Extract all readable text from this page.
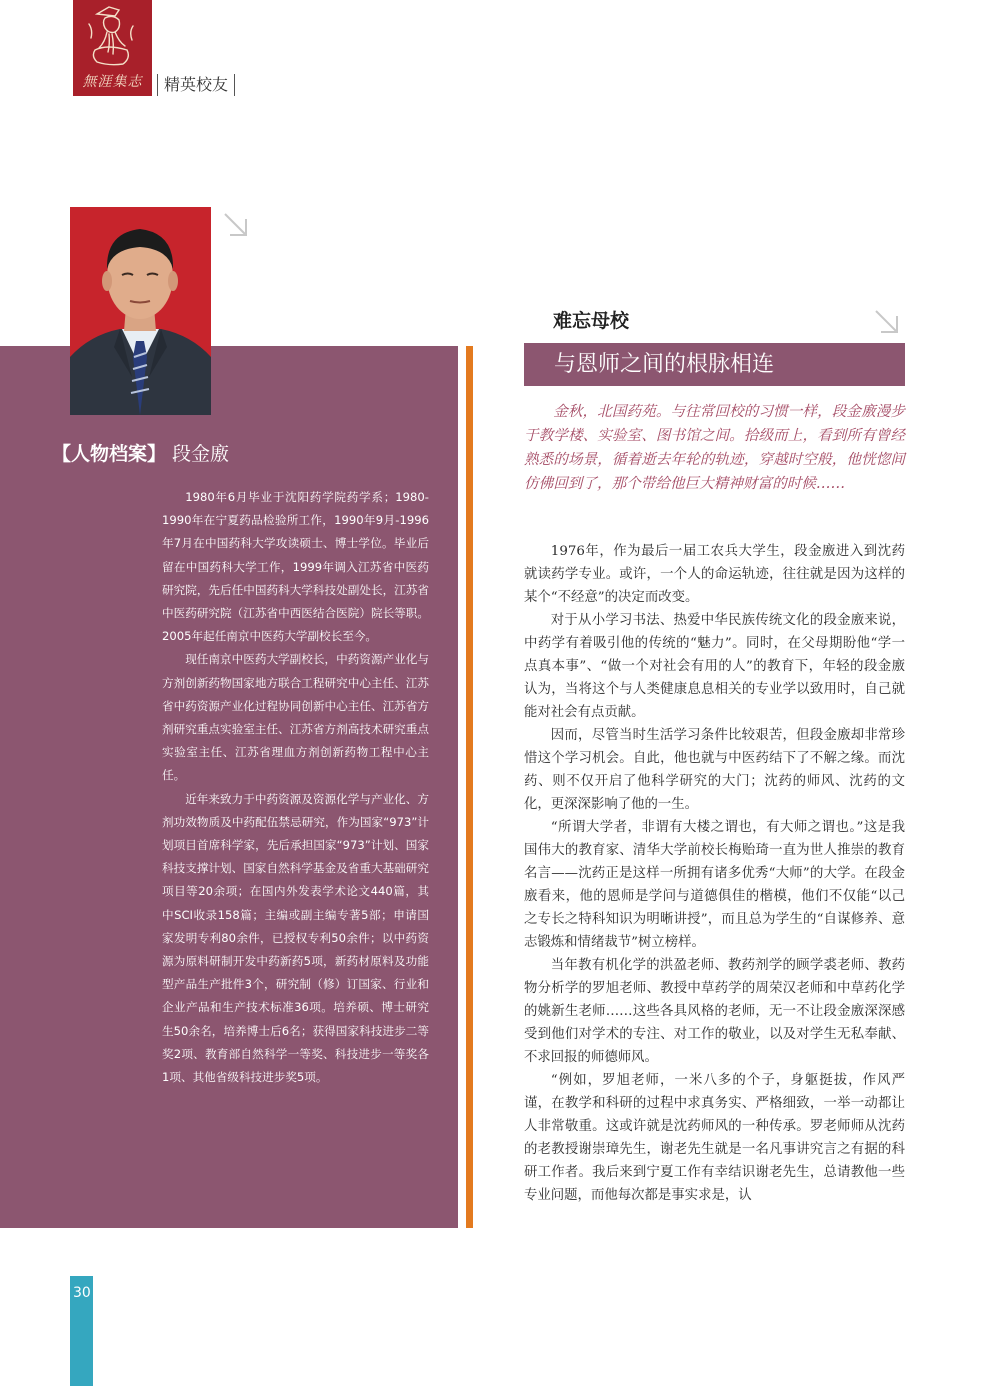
無涯集志	精英校友
【人物档案】 段金廒

1980年6月毕业于沈阳药学院药学系；1980-1990年在宁夏药品检验所工作，1990年9月-1996年7月在中国药科大学攻读硕士、博士学位。毕业后留在中国药科大学工作，1999年调入江苏省中医药研究院，先后任中国药科大学科技处副处长，江苏省中医药研究院（江苏省中西医结合医院）院长等职。2005年起任南京中医药大学副校长至今。

现任南京中医药大学副校长，中药资源产业化与方剂创新药物国家地方联合工程研究中心主任、江苏省中药资源产业化过程协同创新中心主任、江苏省方剂研究重点实验室主任、江苏省方剂高技术研究重点实验室主任、江苏省理血方剂创新药物工程中心主任。

近年来致力于中药资源及资源化学与产业化、方剂功效物质及中药配伍禁忌研究，作为国家“973”计划项目首席科学家，先后承担国家“973”计划、国家科技支撑计划、国家自然科学基金及省重大基础研究项目等20余项；在国内外发表学术论文440篇，其中SCI收录158篇；主编或副主编专著5部；申请国家发明专利80余件，已授权专利50余件；以中药资源为原料研制开发中药新药5项，新药材原料及功能型产品生产批件3个，研究制（修）订国家、行业和企业产品和生产技术标准36项。培养硕、博士研究生50余名，培养博士后6名；获得国家科技进步二等奖2项、教育部自然科学一等奖、科技进步一等奖各1项、其他省级科技进步奖5项。

难忘母校
与恩师之间的根脉相连

金秋，北国药苑。与往常回校的习惯一样，段金廒漫步于教学楼、实验室、图书馆之间。拾级而上，看到所有曾经熟悉的场景，循着逝去年轮的轨迹，穿越时空般，他恍惚间仿佛回到了，那个带给他巨大精神财富的时候……

1976年，作为最后一届工农兵大学生，段金廒进入到沈药就读药学专业。或许，一个人的命运轨迹，往往就是因为这样的某个“不经意”的决定而改变。

对于从小学习书法、热爱中华民族传统文化的段金廒来说，中药学有着吸引他的传统的“魅力”。同时，在父母期盼他“学一点真本事”、“做一个对社会有用的人”的教育下，年轻的段金廒认为，当将这个与人类健康息息相关的专业学以致用时，自己就能对社会有点贡献。

因而，尽管当时生活学习条件比较艰苦，但段金廒却非常珍惜这个学习机会。自此，他也就与中医药结下了不解之缘。而沈药、则不仅开启了他科学研究的大门；沈药的师风、沈药的文化，更深深影响了他的一生。

“所谓大学者，非谓有大楼之谓也，有大师之谓也。”这是我国伟大的教育家、清华大学前校长梅贻琦一直为世人推崇的教育名言——沈药正是这样一所拥有诸多优秀“大师”的大学。在段金廒看来，他的恩师是学问与道德俱佳的楷模，他们不仅能“以己之专长之特科知识为明晰讲授”，而且总为学生的“自谋修养、意志锻炼和情绪裁节”树立榜样。

当年教有机化学的洪盈老师、教药剂学的顾学裘老师、教药物分析学的罗旭老师、教授中草药学的周荣汉老师和中草药化学的姚新生老师……这些各具风格的老师，无一不让段金廒深深感受到他们对学术的专注、对工作的敬业，以及对学生无私奉献、不求回报的师德师风。

“例如，罗旭老师，一米八多的个子，身躯挺拔，作风严谨，在教学和科研的过程中求真务实、严格细致，一举一动都让人非常敬重。这或许就是沈药师风的一种传承。罗老师师从沈药的老教授谢崇璋先生，谢老先生就是一名凡事讲究言之有据的科研工作者。我后来到宁夏工作有幸结识谢老先生，总请教他一些专业问题，而他每次都是事实求是，认

30
